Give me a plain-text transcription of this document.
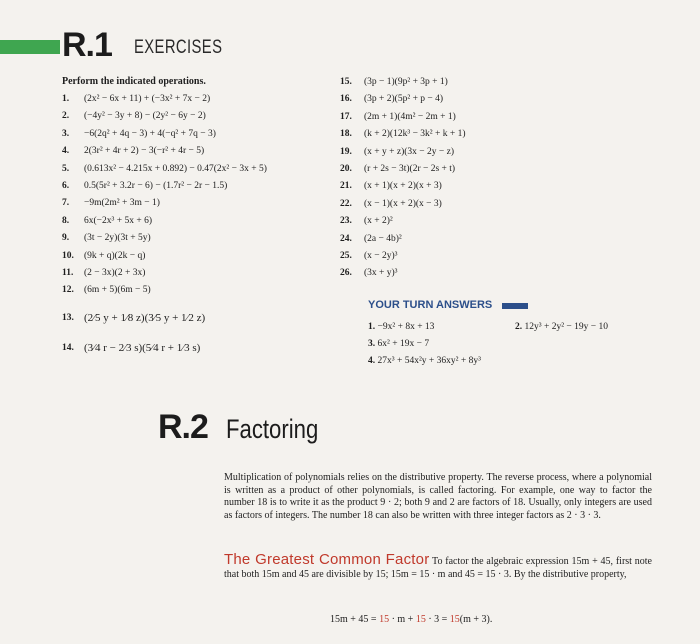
R.1 EXERCISES
Perform the indicated operations.
1. (2x² − 6x + 11) + (−3x² + 7x − 2)
2. (−4y² − 3y + 8) − (2y² − 6y − 2)
3. −6(2q² + 4q − 3) + 4(−q² + 7q − 3)
4. 2(3r² + 4r + 2) − 3(−r² + 4r − 5)
5. (0.613x² − 4.215x + 0.892) − 0.47(2x² − 3x + 5)
6. 0.5(5r² + 3.2r − 6) − (1.7r² − 2r − 1.5)
7. −9m(2m² + 3m − 1)
8. 6x(−2x³ + 5x + 6)
9. (3t − 2y)(3t + 5y)
10. (9k + q)(2k − q)
11. (2 − 3x)(2 + 3x)
12. (6m + 5)(6m − 5)
13. (2⁄5 y + 1⁄8 z)(3⁄5 y + 1⁄2 z)
14. (3⁄4 r − 2⁄3 s)(5⁄4 r + 1⁄3 s)
15. (3p − 1)(9p² + 3p + 1)
16. (3p + 2)(5p² + p − 4)
17. (2m + 1)(4m² − 2m + 1)
18. (k + 2)(12k³ − 3k² + k + 1)
19. (x + y + z)(3x − 2y − z)
20. (r + 2s − 3t)(2r − 2s + t)
21. (x + 1)(x + 2)(x + 3)
22. (x − 1)(x + 2)(x − 3)
23. (x + 2)²
24. (2a − 4b)²
25. (x − 2y)³
26. (3x + y)³
YOUR TURN ANSWERS
1. −9x² + 8x + 13	2. 12y³ + 2y² − 19y − 10
3. 6x² + 19x − 7
4. 27x³ + 54x²y + 36xy² + 8y³
R.2 Factoring
Multiplication of polynomials relies on the distributive property. The reverse process, where a polynomial is written as a product of other polynomials, is called factoring. For example, one way to factor the number 18 is to write it as the product 9 · 2; both 9 and 2 are factors of 18. Usually, only integers are used as factors of integers. The number 18 can also be written with three integer factors as 2 · 3 · 3.
The Greatest Common Factor To factor the algebraic expression 15m + 45, first note that both 15m and 45 are divisible by 15; 15m = 15 · m and 45 = 15 · 3. By the distributive property,
15m + 45 = 15 · m + 15 · 3 = 15(m + 3).
